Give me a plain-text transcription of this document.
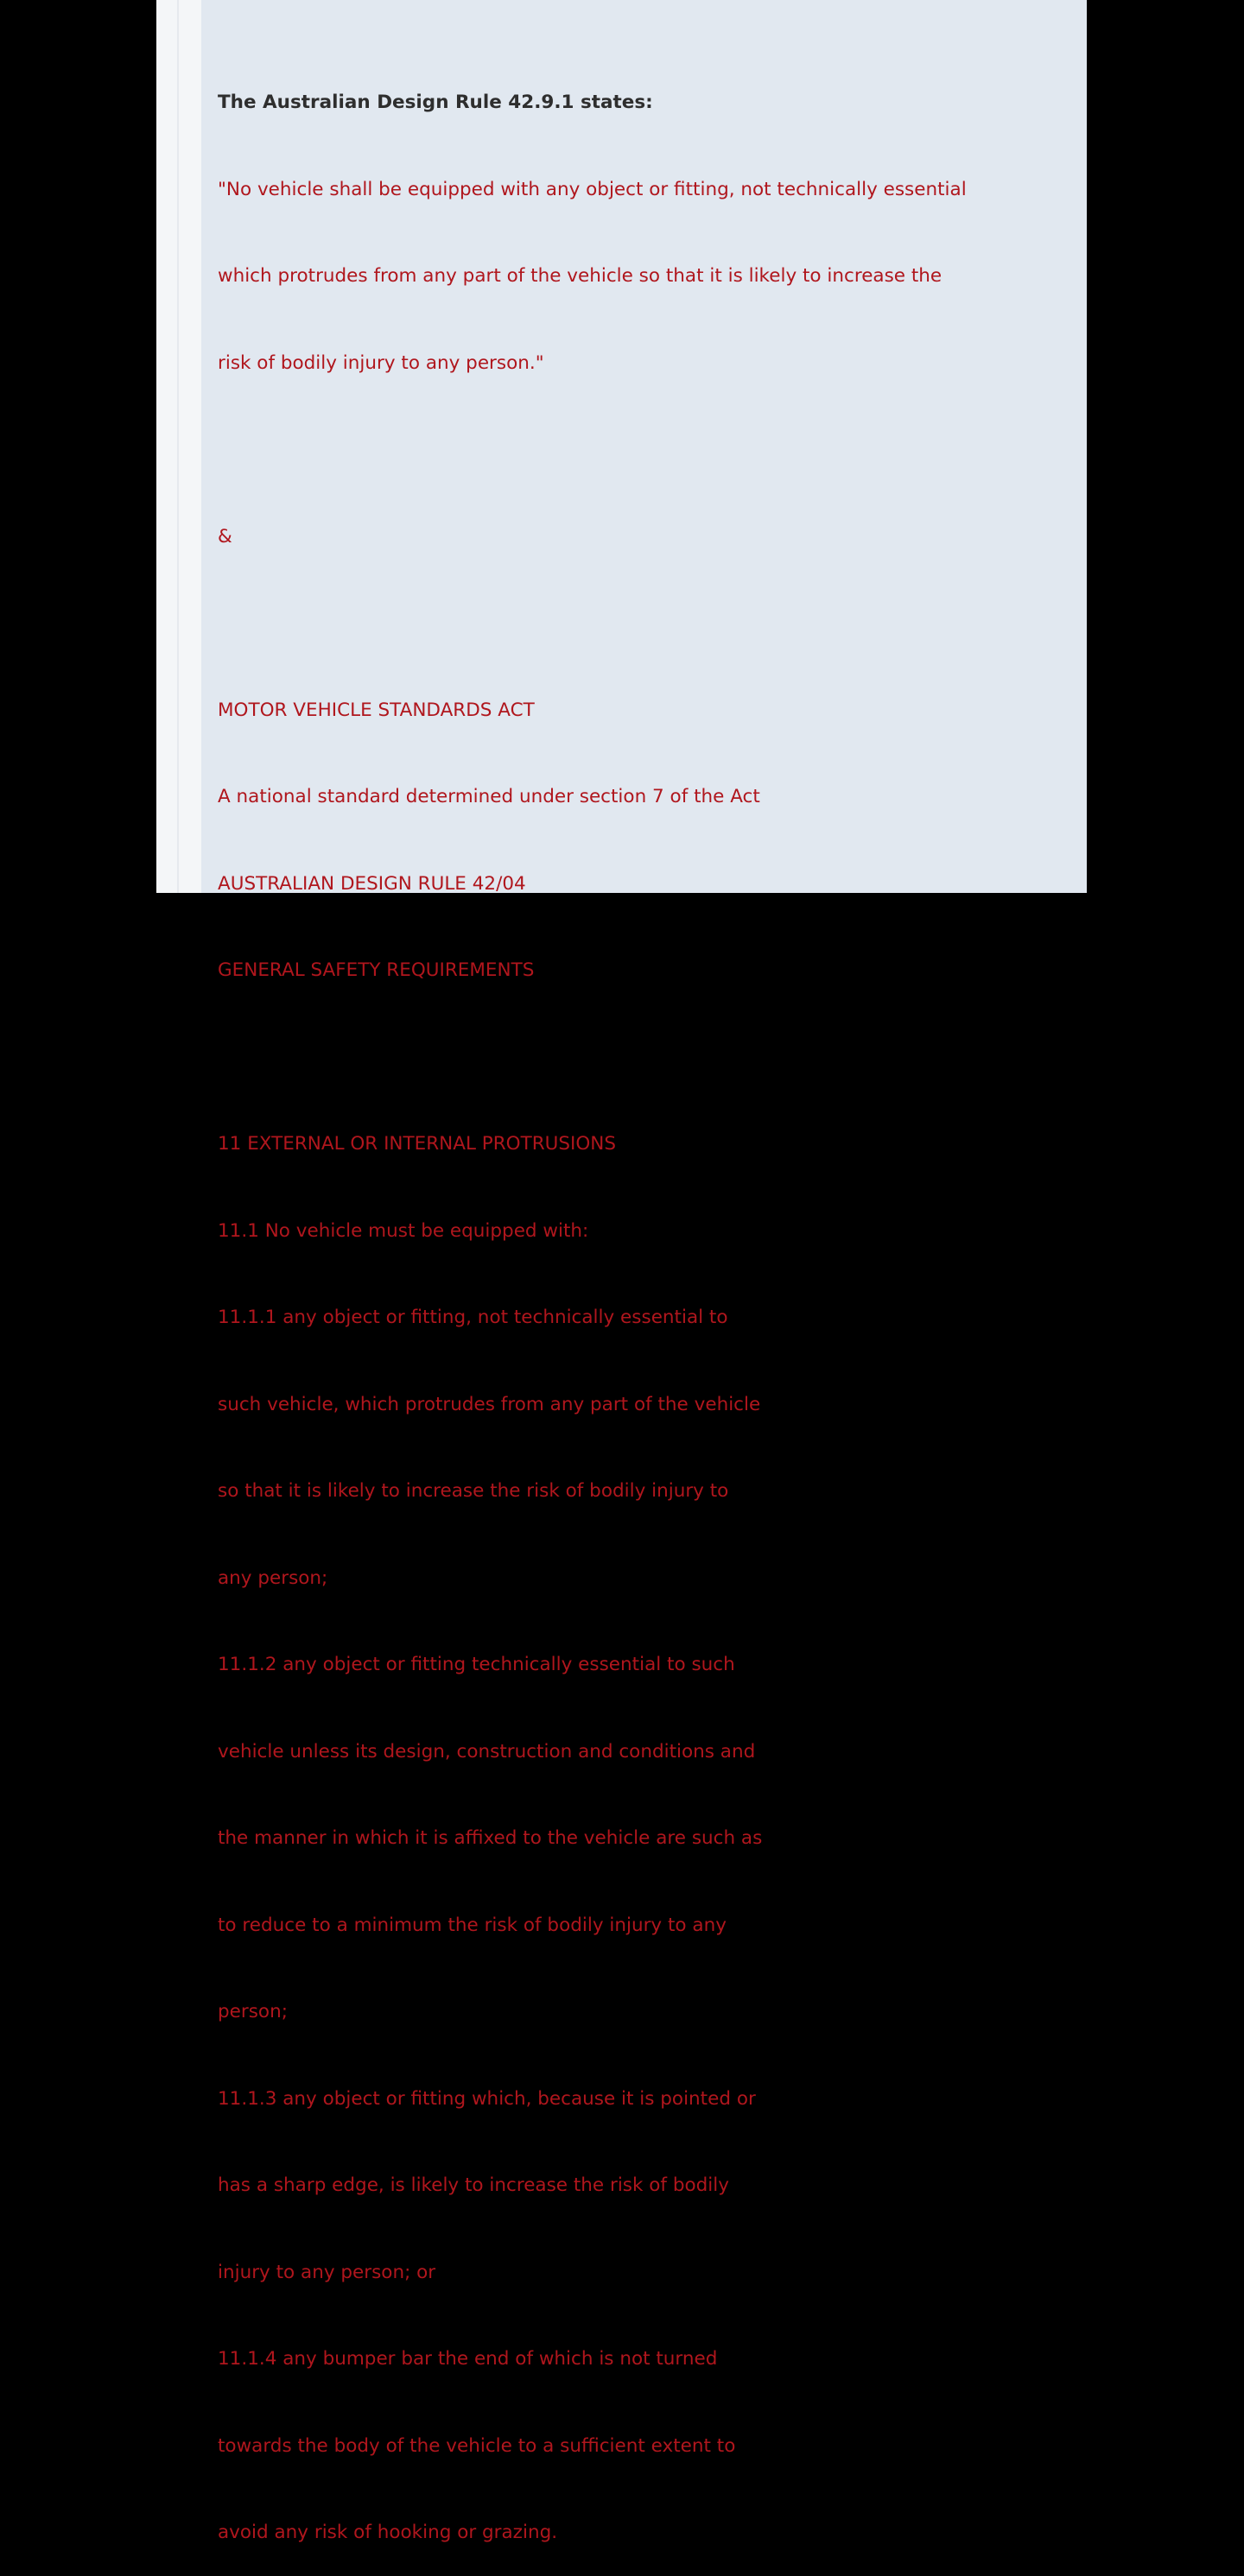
The Australian Design Rule 42.9.1 states:

"No vehicle shall be equipped with any object or fitting, not technically essential

which protrudes from any part of the vehicle so that it is likely to increase the

risk of bodily injury to any person."

&

MOTOR VEHICLE STANDARDS ACT

A national standard determined under section 7 of the Act

AUSTRALIAN DESIGN RULE 42/04

GENERAL SAFETY REQUIREMENTS

11 EXTERNAL OR INTERNAL PROTRUSIONS

11.1 No vehicle must be equipped with:

11.1.1 any object or fitting, not technically essential to

such vehicle, which protrudes from any part of the vehicle

so that it is likely to increase the risk of bodily injury to

any person;

11.1.2 any object or fitting technically essential to such

vehicle unless its design, construction and conditions and

the manner in which it is affixed to the vehicle are such as

to reduce to a minimum the risk of bodily injury to any

person;

11.1.3 any object or fitting which, because it is pointed or

has a sharp edge, is likely to increase the risk of bodily

injury to any person; or

11.1.4 any bumper bar the end of which is not turned

towards the body of the vehicle to a sufficient extent to

avoid any risk of hooking or grazing.
